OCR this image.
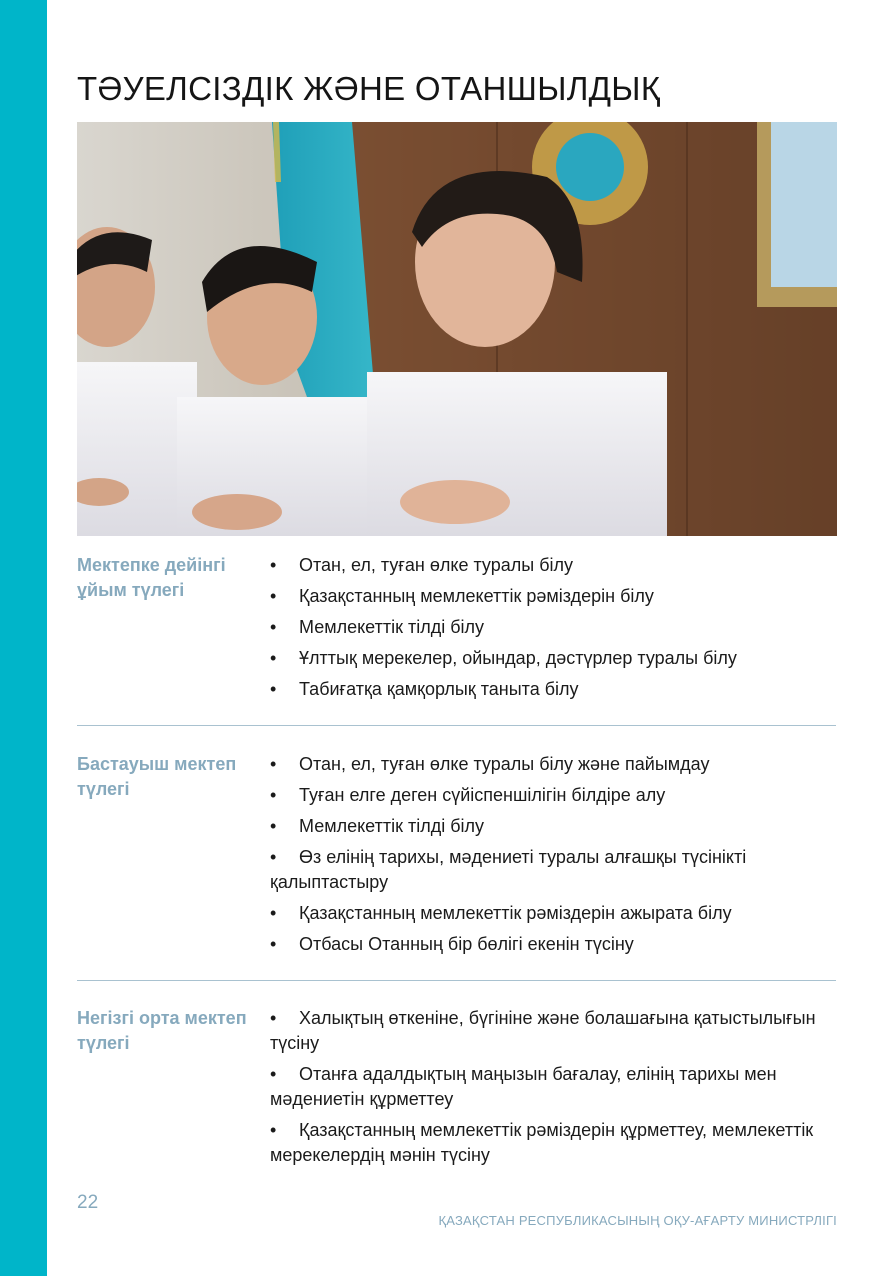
ТӘУЕЛСІЗДІК ЖӘНЕ ОТАНШЫЛДЫҚ
Мектепке дейінгі ұйым түлегі
• Отан, ел, туған өлке туралы білу
• Қазақстанның мемлекеттік рәміздерін білу
• Мемлекеттік тілді білу
• Ұлттық мерекелер, ойындар, дәстүрлер туралы білу
• Табиғатқа қамқорлық таныта білу
Бастауыш мектеп түлегі
• Отан, ел, туған өлке туралы білу және пайымдау
• Туған елге деген сүйіспеншілігін білдіре алу
• Мемлекеттік тілді білу
• Өз елінің тарихы, мәдениеті туралы алғашқы түсінікті қалыптастыру
• Қазақстанның мемлекеттік рәміздерін ажырата білу
• Отбасы Отанның бір бөлігі екенін түсіну
Негізгі орта мектеп түлегі
• Халықтың өткеніне, бүгініне және болашағына қатыстылығын түсіну
• Отанға адалдықтың маңызын бағалау, елінің тарихы мен мәдениетін құрметтеу
• Қазақстанның мемлекеттік рәміздерін құрметтеу, мемлекеттік мерекелердің мәнін түсіну
22
ҚАЗАҚСТАН РЕСПУБЛИКАСЫНЫҢ ОҚУ-АҒАРТУ МИНИСТРЛІГІ
